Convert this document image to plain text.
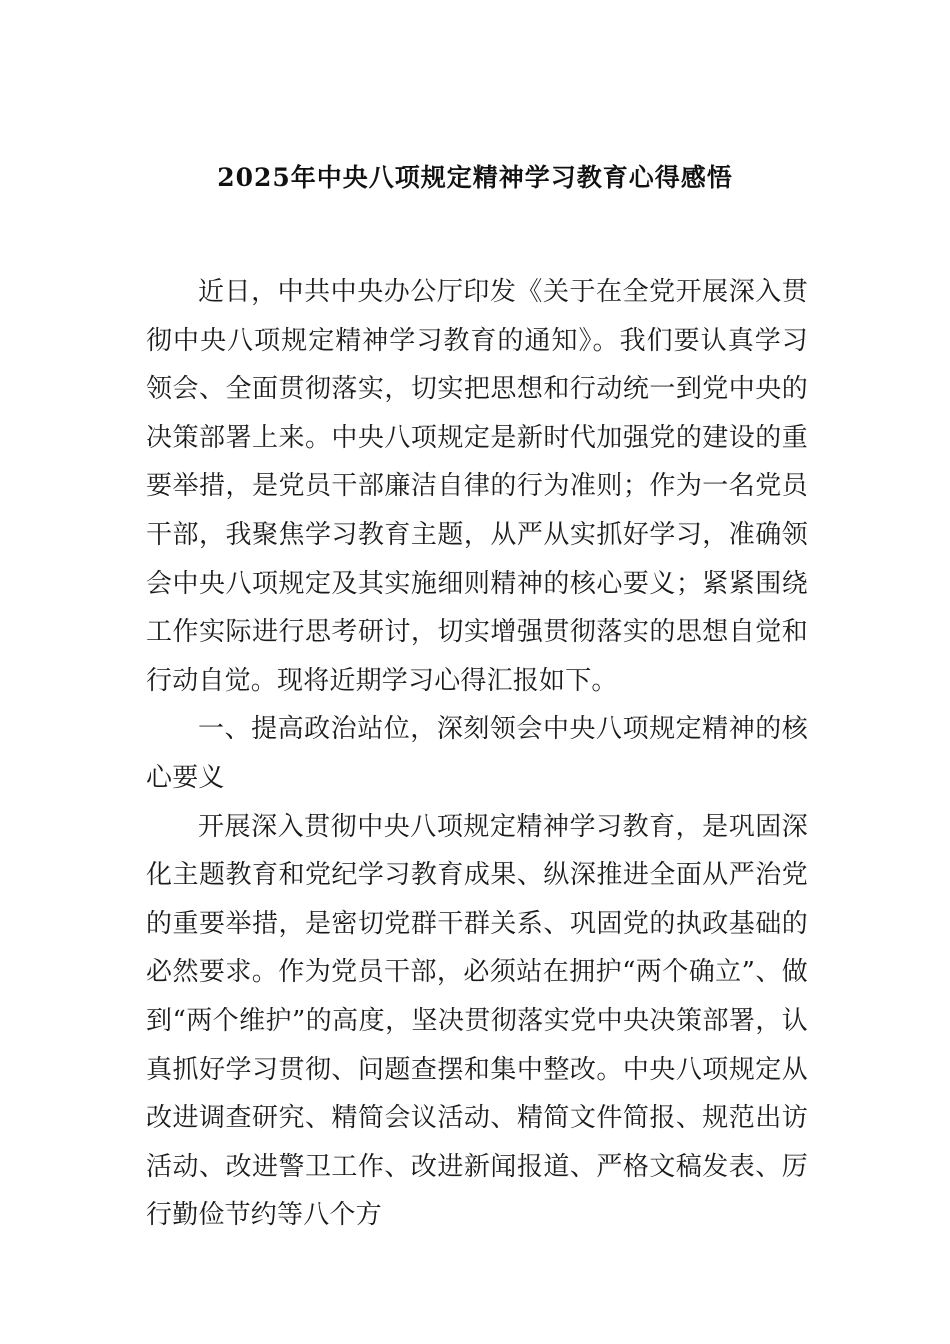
2025年中央八项规定精神学习教育心得感悟

近日，中共中央办公厅印发《关于在全党开展深入贯彻中央八项规定精神学习教育的通知》。我们要认真学习领会、全面贯彻落实，切实把思想和行动统一到党中央的决策部署上来。中央八项规定是新时代加强党的建设的重要举措，是党员干部廉洁自律的行为准则；作为一名党员干部，我聚焦学习教育主题，从严从实抓好学习，准确领会中央八项规定及其实施细则精神的核心要义；紧紧围绕工作实际进行思考研讨，切实增强贯彻落实的思想自觉和行动自觉。现将近期学习心得汇报如下。

一、提高政治站位，深刻领会中央八项规定精神的核心要义

开展深入贯彻中央八项规定精神学习教育，是巩固深化主题教育和党纪学习教育成果、纵深推进全面从严治党的重要举措，是密切党群干群关系、巩固党的执政基础的必然要求。作为党员干部，必须站在拥护“两个确立”、做到“两个维护”的高度，坚决贯彻落实党中央决策部署，认真抓好学习贯彻、问题查摆和集中整改。中央八项规定从改进调查研究、精简会议活动、精简文件简报、规范出访活动、改进警卫工作、改进新闻报道、严格文稿发表、厉行勤俭节约等八个方
